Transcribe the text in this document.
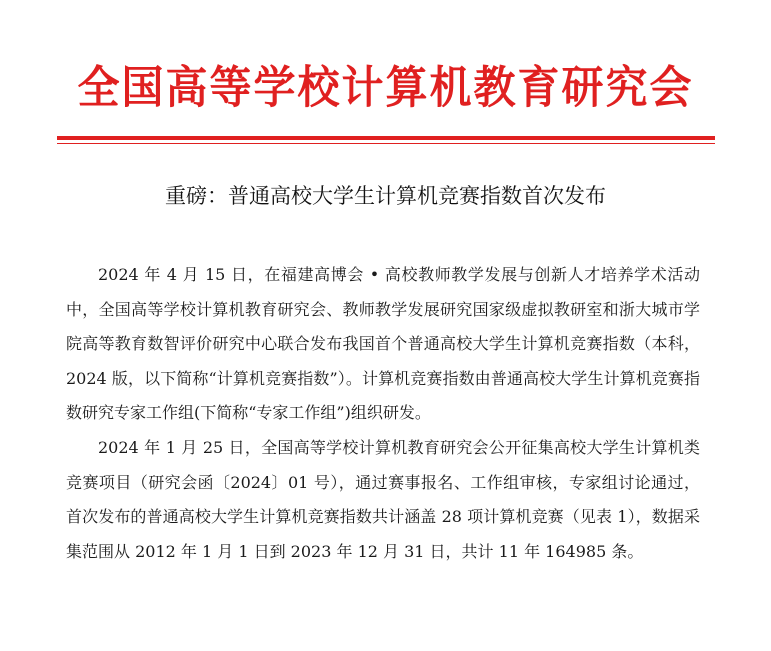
全国高等学校计算机教育研究会
重磅：普通高校大学生计算机竞赛指数首次发布

2024 年 4 月 15 日，在福建高博会 • 高校教师教学发展与创新人才培养学术活动中，全国高等学校计算机教育研究会、教师教学发展研究国家级虚拟教研室和浙大城市学院高等教育数智评价研究中心联合发布我国首个普通高校大学生计算机竞赛指数（本科，2024 版，以下简称“计算机竞赛指数”）。计算机竞赛指数由普通高校大学生计算机竞赛指数研究专家工作组(下简称“专家工作组”)组织研发。

2024 年 1 月 25 日，全国高等学校计算机教育研究会公开征集高校大学生计算机类竞赛项目（研究会函〔2024〕01 号），通过赛事报名、工作组审核，专家组讨论通过，首次发布的普通高校大学生计算机竞赛指数共计涵盖 28 项计算机竞赛（见表 1），数据采集范围从 2012 年 1 月 1 日到 2023 年 12 月 31 日，共计 11 年 164985 条。
